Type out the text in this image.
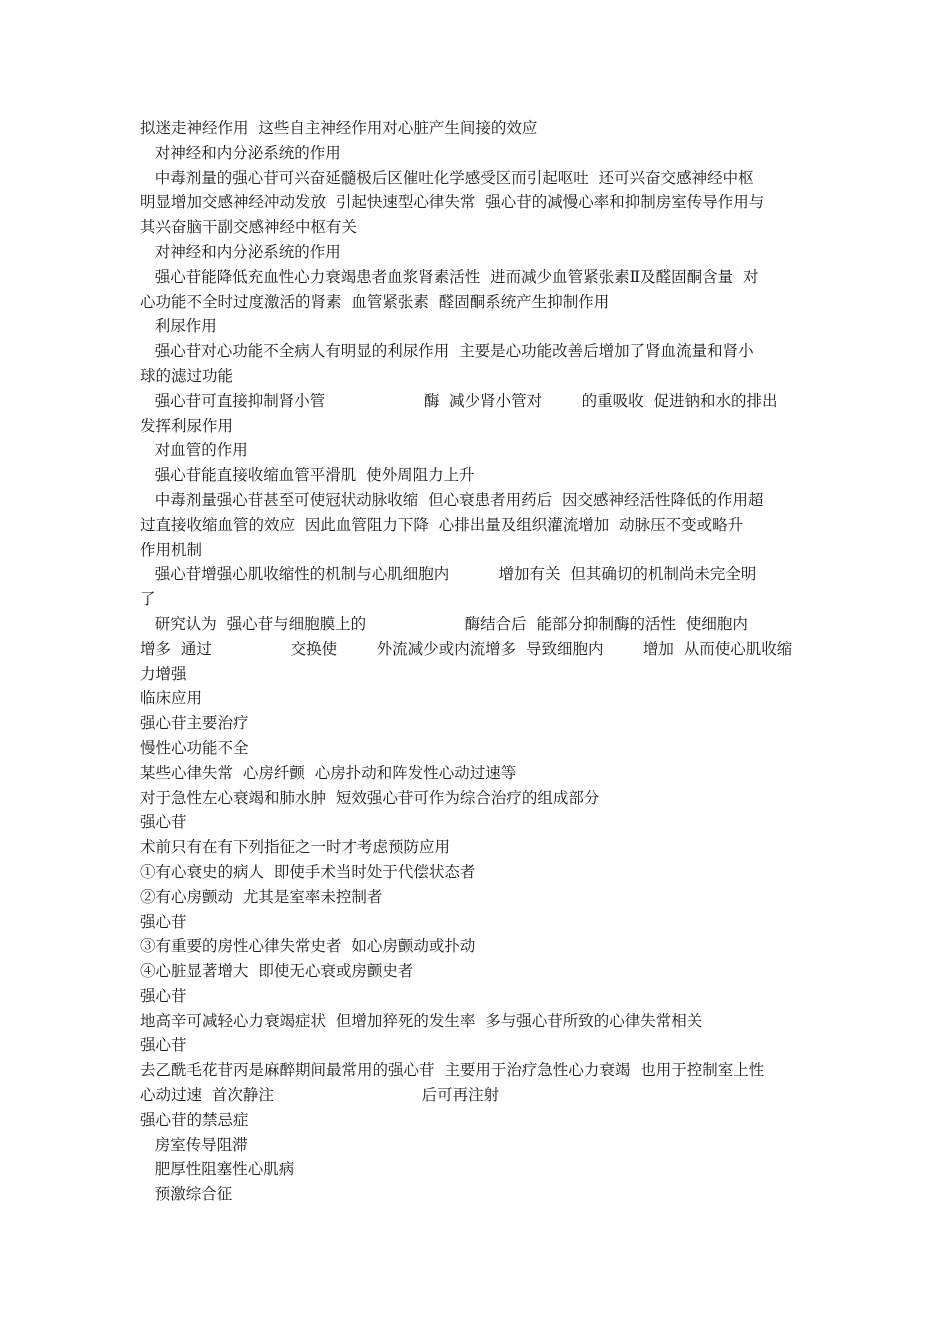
拟迷走神经作用  这些自主神经作用对心脏产生间接的效应
对神经和内分泌系统的作用
中毒剂量的强心苷可兴奋延髓极后区催吐化学感受区而引起呕吐  还可兴奋交感神经中枢
明显增加交感神经冲动发放  引起快速型心律失常  强心苷的减慢心率和抑制房室传导作用与
其兴奋脑干副交感神经中枢有关
对神经和内分泌系统的作用
强心苷能降低充血性心力衰竭患者血浆肾素活性  进而减少血管紧张素Ⅱ及醛固酮含量  对
心功能不全时过度激活的肾素  血管紧张素  醛固酮系统产生抑制作用
利尿作用
强心苷对心功能不全病人有明显的利尿作用  主要是心功能改善后增加了肾血流量和肾小
球的滤过功能
强心苷可直接抑制肾小管                    酶  减少肾小管对        的重吸收  促进钠和水的排出
发挥利尿作用
对血管的作用
强心苷能直接收缩血管平滑肌  使外周阻力上升
中毒剂量强心苷甚至可使冠状动脉收缩  但心衰患者用药后  因交感神经活性降低的作用超
过直接收缩血管的效应  因此血管阻力下降  心排出量及组织灌流增加  动脉压不变或略升
作用机制
强心苷增强心肌收缩性的机制与心肌细胞内          增加有关  但其确切的机制尚未完全明
了
研究认为  强心苷与细胞膜上的                    酶结合后  能部分抑制酶的活性  使细胞内
增多  通过                交换使        外流减少或内流增多  导致细胞内        增加  从而使心肌收缩
力增强
临床应用
强心苷主要治疗
慢性心功能不全
某些心律失常  心房纤颤  心房扑动和阵发性心动过速等
对于急性左心衰竭和肺水肿  短效强心苷可作为综合治疗的组成部分
强心苷
术前只有在有下列指征之一时才考虑预防应用
①有心衰史的病人  即使手术当时处于代偿状态者
②有心房颤动  尤其是室率未控制者
强心苷
③有重要的房性心律失常史者  如心房颤动或扑动
④心脏显著增大  即使无心衰或房颤史者
强心苷
地高辛可减轻心力衰竭症状  但增加猝死的发生率  多与强心苷所致的心律失常相关
强心苷
去乙酰毛花苷丙是麻醉期间最常用的强心苷  主要用于治疗急性心力衰竭  也用于控制室上性
心动过速  首次静注                              后可再注射
强心苷的禁忌症
房室传导阻滞
肥厚性阻塞性心肌病
预激综合征
